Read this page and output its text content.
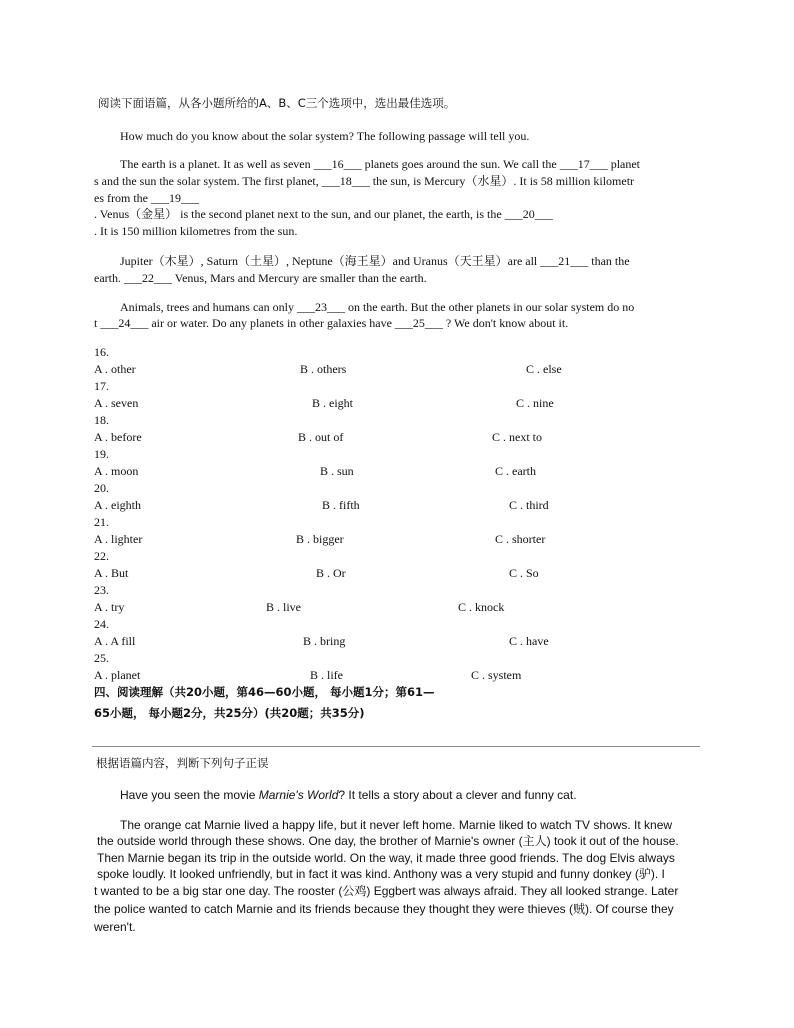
阅读下面语篇，从各小题所给的A、B、C三个选项中，选出最佳选项。
How much do you know about the solar system? The following passage will tell you.
The earth is a planet. It as well as seven ___16___ planets goes around the sun. We call the ___17___ planet
s and the sun the solar system. The first planet, ___18___ the sun, is Mercury（水星）. It is 58 million kilometr
es from the ___19___
. Venus（金星） is the second planet next to the sun, and our planet, the earth, is the ___20___
. It is 150 million kilometres from the sun.
Jupiter（木星）, Saturn（土星）, Neptune（海王星）and Uranus（天王星）are all ___21___ than the
earth. ___22___ Venus, Mars and Mercury are smaller than the earth.
Animals, trees and humans can only ___23___ on the earth. But the other planets in our solar system do no
t ___24___ air or water. Do any planets in other galaxies have ___25___ ? We don't know about it.
16.
A . other	B . others	C . else
17.
A . seven	B . eight	C . nine
18.
A . before	B . out of	C . next to
19.
A . moon	B . sun	C . earth
20.
A . eighth	B . fifth	C . third
21.
A . lighter	B . bigger	C . shorter
22.
A . But	B . Or	C . So
23.
A . try	B . live	C . knock
24.
A . A fill	B . bring	C . have
25.
A . planet	B . life	C . system
四、阅读理解（共20小题，第46—60小题， 每小题1分；第61—
65小题， 每小题2分，共25分）(共20题；共35分)
根据语篇内容，判断下列句子正误
Have you seen the movie Marnie's World? It tells a story about a clever and funny cat.
The orange cat Marnie lived a happy life, but it never left home. Marnie liked to watch TV shows. It knew
the outside world through these shows. One day, the brother of Marnie's owner (主人) took it out of the house.
Then Marnie began its trip in the outside world. On the way, it made three good friends. The dog Elvis always
spoke loudly. It looked unfriendly, but in fact it was kind. Anthony was a very stupid and funny donkey (驴). I
t wanted to be a big star one day. The rooster (公鸡) Eggbert was always afraid. They all looked strange. Later
the police wanted to catch Marnie and its friends because they thought they were thieves (贼). Of course they
weren't.
